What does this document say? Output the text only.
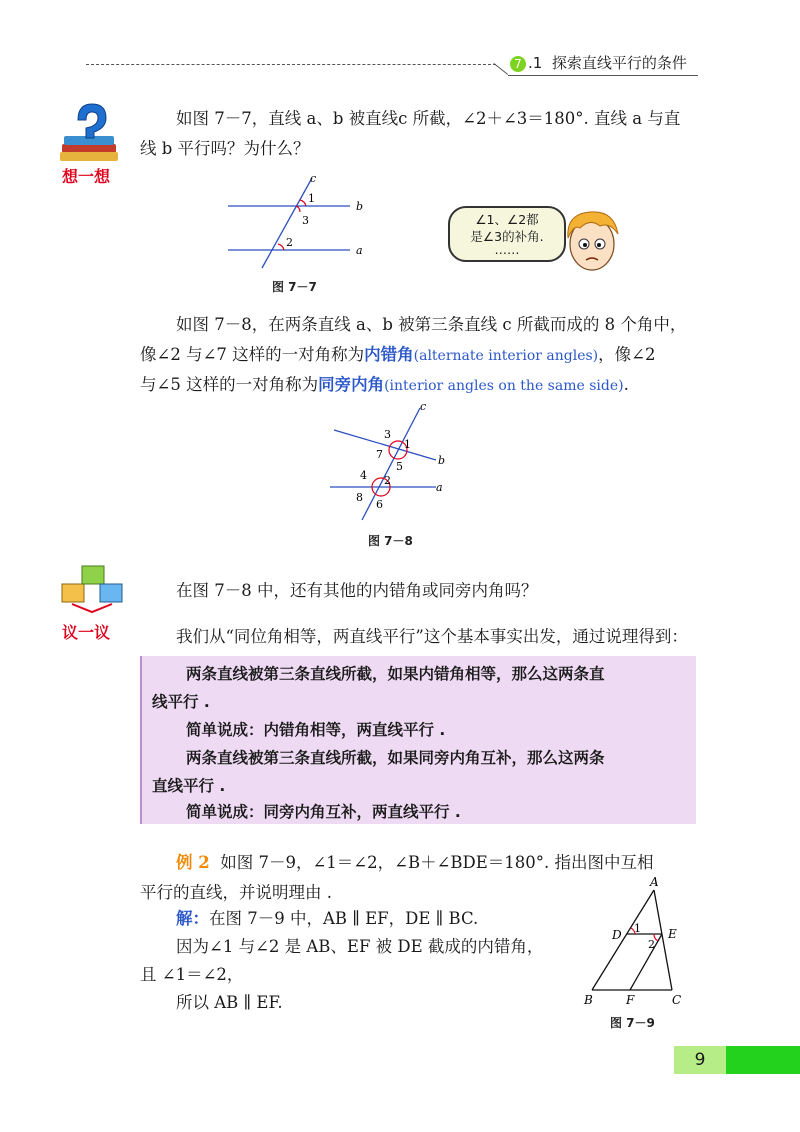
7 .1 探索直线平行的条件
想一想
如图 7－7，直线 a、b 被直线c 所截，∠2＋∠3＝180°. 直线 a 与直
线 b 平行吗？为什么？
c
b
a
1
3
2
图 7－7
∠1、∠2都
是∠3的补角.
……
如图 7－8，在两条直线 a、b 被第三条直线 c 所截而成的 8 个角中，
像∠2 与∠7 这样的一对角称为内错角(alternate interior angles)，像∠2
与∠5 这样的一对角称为同旁内角(interior angles on the same side).
c
b
a
3
1
7
5
4 2
8
6
图 7－8
议一议
在图 7－8 中，还有其他的内错角或同旁内角吗？
我们从“同位角相等，两直线平行”这个基本事实出发，通过说理得到：
两条直线被第三条直线所截，如果内错角相等，那么这两条直
线平行 .
简单说成：内错角相等，两直线平行 .
两条直线被第三条直线所截，如果同旁内角互补，那么这两条
直线平行 .
简单说成：同旁内角互补，两直线平行 .
例 2 如图 7－9，∠1＝∠2，∠B＋∠BDE＝180°. 指出图中互相
平行的直线，并说明理由 .
解：在图 7－9 中，AB ∥ EF，DE ∥ BC.
因为∠1 与∠2 是 AB、EF 被 DE 截成的内错角，
且 ∠1＝∠2，
所以 AB ∥ EF.
A
D	E
1
2
B	F	C
图 7－9
9
